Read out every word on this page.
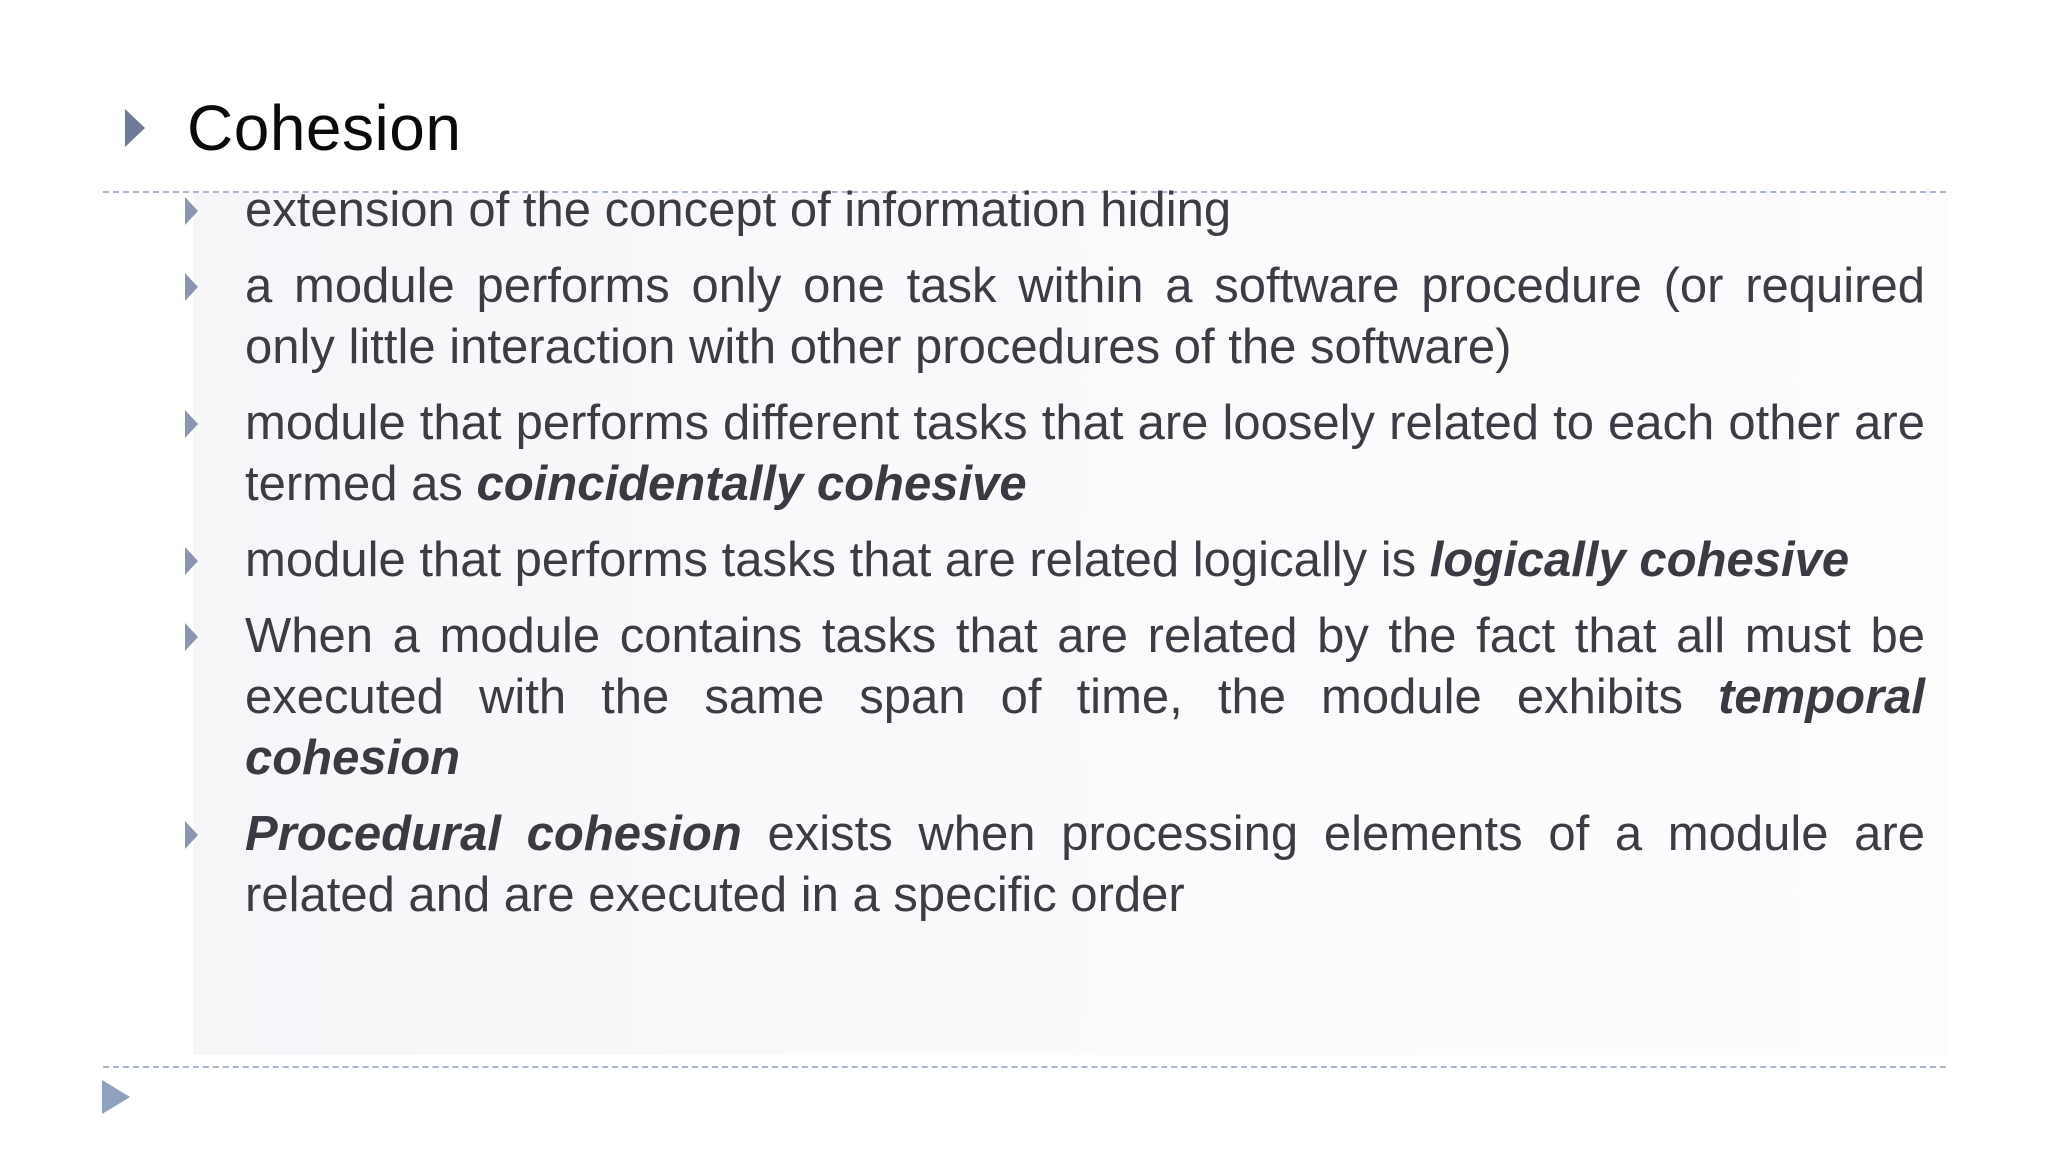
Cohesion
extension of the concept of information hiding
a module performs only one task within a software procedure (or required only little interaction with other procedures of the software)
module that performs different tasks that are loosely related to each other are termed as coincidentally cohesive
module that performs tasks that are related logically is logically cohesive
When a module contains tasks that are related by the fact that all must be executed with the same span of time, the module exhibits temporal cohesion
Procedural cohesion exists when processing elements of a module are related and are executed in a specific order
